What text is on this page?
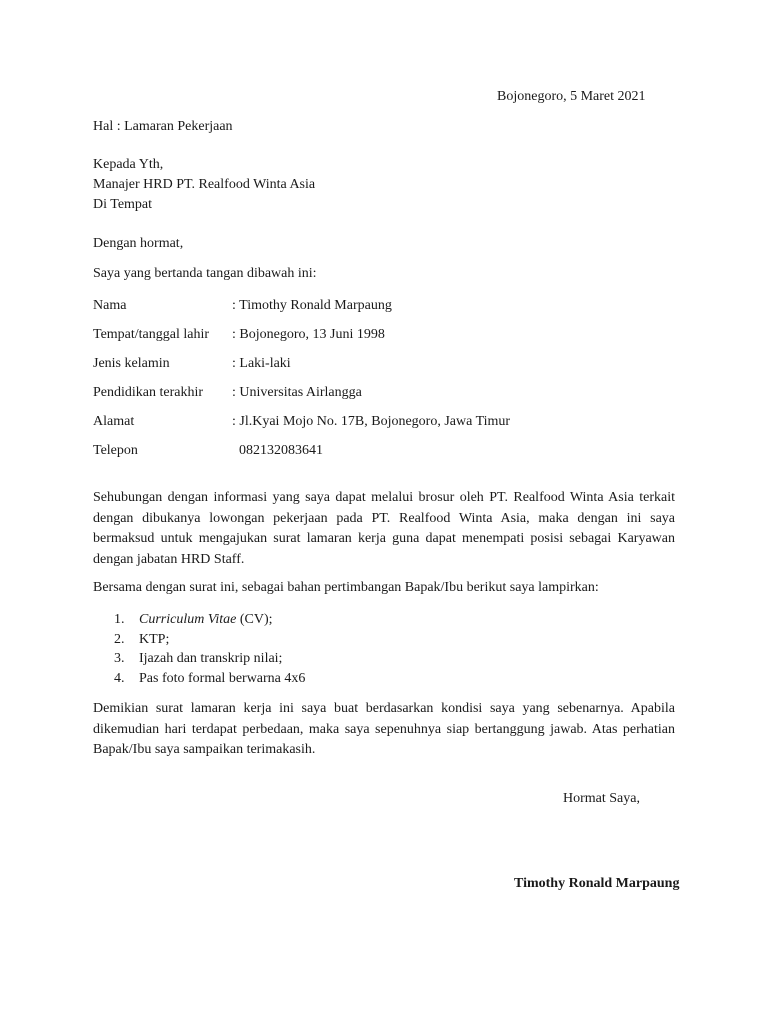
Bojonegoro, 5 Maret 2021
Hal : Lamaran Pekerjaan
Kepada Yth,
Manajer HRD PT. Realfood Winta Asia
Di Tempat
Dengan hormat,
Saya yang bertanda tangan dibawah ini:
Nama	: Timothy Ronald Marpaung
Tempat/tanggal lahir: Bojonegoro, 13 Juni 1998
Jenis kelamin	: Laki-laki
Pendidikan terakhir : Universitas Airlangga
Alamat	: Jl.Kyai Mojo No. 17B, Bojonegoro, Jawa Timur
Telepon	082132083641
Sehubungan dengan informasi yang saya dapat melalui brosur oleh PT. Realfood Winta Asia terkait dengan dibukanya lowongan pekerjaan pada PT. Realfood Winta Asia, maka dengan ini saya bermaksud untuk mengajukan surat lamaran kerja guna dapat menempati posisi sebagai Karyawan dengan jabatan HRD Staff.
Bersama dengan surat ini, sebagai bahan pertimbangan Bapak/Ibu berikut saya lampirkan:
1. Curriculum Vitae (CV);
2. KTP;
3. Ijazah dan transkrip nilai;
4. Pas foto formal berwarna 4x6
Demikian surat lamaran kerja ini saya buat berdasarkan kondisi saya yang sebenarnya. Apabila dikemudian hari terdapat perbedaan, maka saya sepenuhnya siap bertanggung jawab. Atas perhatian Bapak/Ibu saya sampaikan terimakasih.
Hormat Saya,
Timothy Ronald Marpaung
